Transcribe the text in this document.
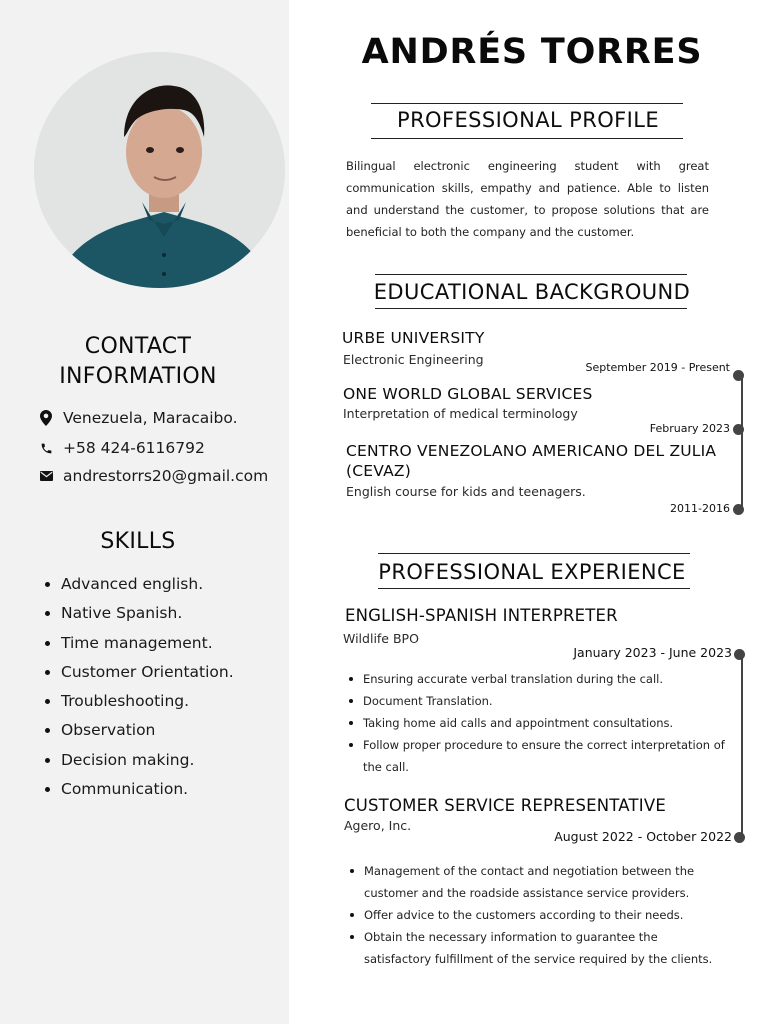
CONTACT
INFORMATION
Venezuela, Maracaibo.
+58 424-6116792
andrestorrs20@gmail.com
SKILLS
Advanced english.
Native Spanish.
Time management.
Customer Orientation.
Troubleshooting.
Observation
Decision making.
Communication.
ANDRÉS TORRES
PROFESSIONAL PROFILE
Bilingual electronic engineering student with great communication skills, empathy and patience. Able to listen and understand the customer, to propose solutions that are beneficial to both the company and the customer.
EDUCATIONAL BACKGROUND
URBE UNIVERSITY
Electronic Engineering
September 2019 - Present
ONE WORLD GLOBAL SERVICES
Interpretation of medical terminology
February 2023
CENTRO VENEZOLANO AMERICANO DEL ZULIA
(CEVAZ)
English course for kids and teenagers.
2011-2016
PROFESSIONAL EXPERIENCE
ENGLISH-SPANISH INTERPRETER
Wildlife BPO
January 2023 - June 2023
Ensuring accurate verbal translation during the call.
Document Translation.
Taking home aid calls and appointment consultations.
Follow proper procedure to ensure the correct interpretation of the call.
CUSTOMER SERVICE REPRESENTATIVE
Agero, Inc.
August 2022 - October 2022
Management of the contact and negotiation between the customer and the roadside assistance service providers.
Offer advice to the customers according to their needs.
Obtain the necessary information to guarantee the satisfactory fulfillment of the service required by the clients.
